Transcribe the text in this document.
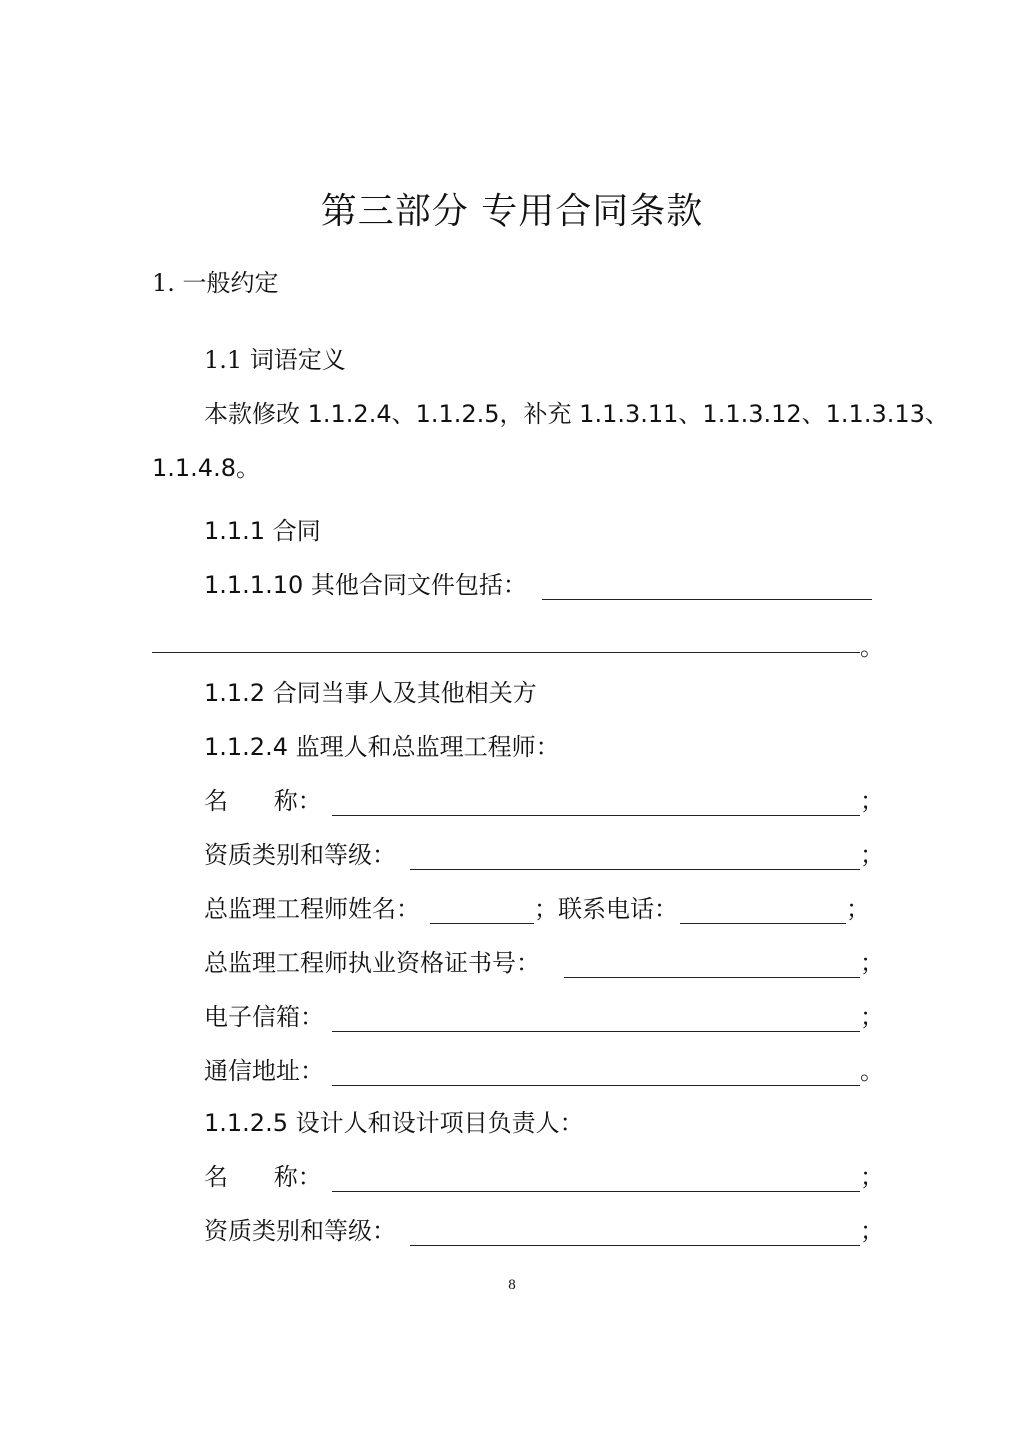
第三部分 专用合同条款
1. 一般约定
1.1 词语定义
本款修改 1.1.2.4、1.1.2.5，补充 1.1.3.11、1.1.3.12、1.1.3.13、
1.1.4.8。
1.1.1 合同
1.1.1.10 其他合同文件包括：
。
1.1.2 合同当事人及其他相关方
1.1.2.4 监理人和总监理工程师：
名      称：	；
资质类别和等级：	；
总监理工程师姓名：	；联系电话：	；
总监理工程师执业资格证书号：	；
电子信箱：	；
通信地址：	。
1.1.2.5 设计人和设计项目负责人：
名      称：	；
资质类别和等级：	；
8
